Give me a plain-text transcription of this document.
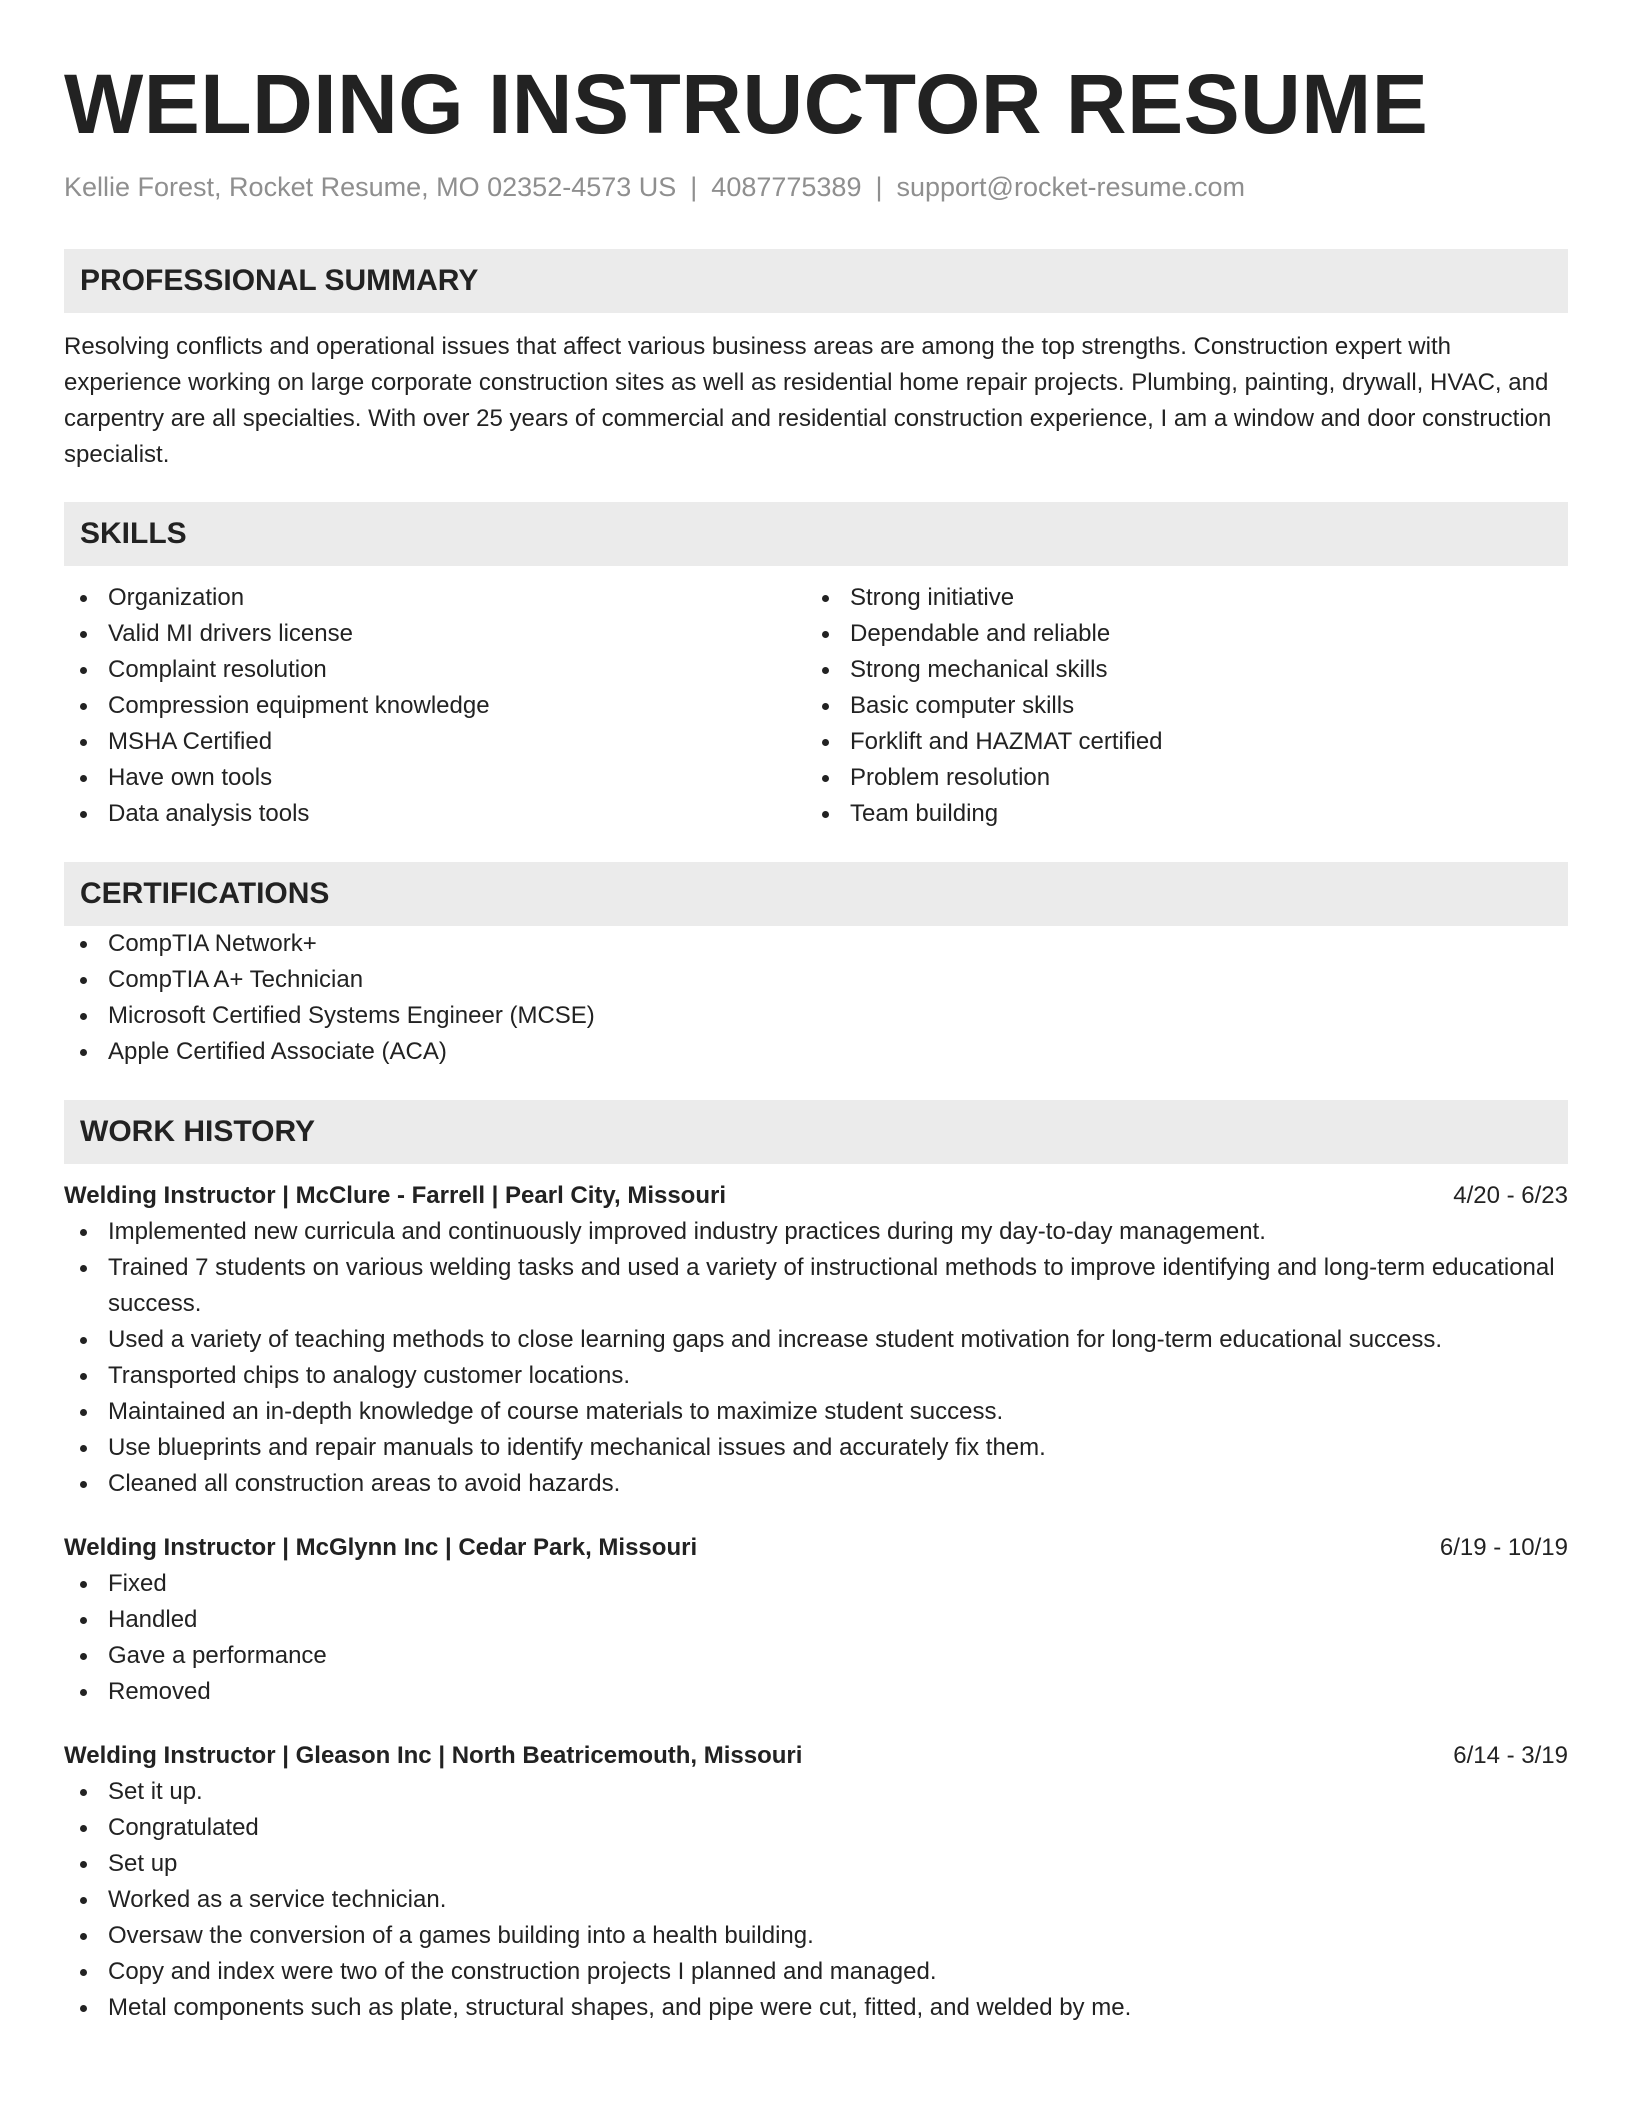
WELDING INSTRUCTOR RESUME
Kellie Forest, Rocket Resume, MO 02352-4573 US | 4087775389 | support@rocket-resume.com
PROFESSIONAL SUMMARY

Resolving conflicts and operational issues that affect various business areas are among the top strengths. Construction expert with experience working on large corporate construction sites as well as residential home repair projects. Plumbing, painting, drywall, HVAC, and carpentry are all specialties. With over 25 years of commercial and residential construction experience, I am a window and door construction specialist.

SKILLS
Organization
Valid MI drivers license
Complaint resolution
Compression equipment knowledge
MSHA Certified
Have own tools
Data analysis tools
Strong initiative
Dependable and reliable
Strong mechanical skills
Basic computer skills
Forklift and HAZMAT certified
Problem resolution
Team building
CERTIFICATIONS
CompTIA Network+
CompTIA A+ Technician
Microsoft Certified Systems Engineer (MCSE)
Apple Certified Associate (ACA)
WORK HISTORY
Welding Instructor | McClure - Farrell | Pearl City, Missouri	4/20 - 6/23
Implemented new curricula and continuously improved industry practices during my day-to-day management.
Trained 7 students on various welding tasks and used a variety of instructional methods to improve identifying and long-term educational success.
Used a variety of teaching methods to close learning gaps and increase student motivation for long-term educational success.
Transported chips to analogy customer locations.
Maintained an in-depth knowledge of course materials to maximize student success.
Use blueprints and repair manuals to identify mechanical issues and accurately fix them.
Cleaned all construction areas to avoid hazards.
Welding Instructor | McGlynn Inc | Cedar Park, Missouri	6/19 - 10/19
Fixed
Handled
Gave a performance
Removed
Welding Instructor | Gleason Inc | North Beatricemouth, Missouri	6/14 - 3/19
Set it up.
Congratulated
Set up
Worked as a service technician.
Oversaw the conversion of a games building into a health building.
Copy and index were two of the construction projects I planned and managed.
Metal components such as plate, structural shapes, and pipe were cut, fitted, and welded by me.
